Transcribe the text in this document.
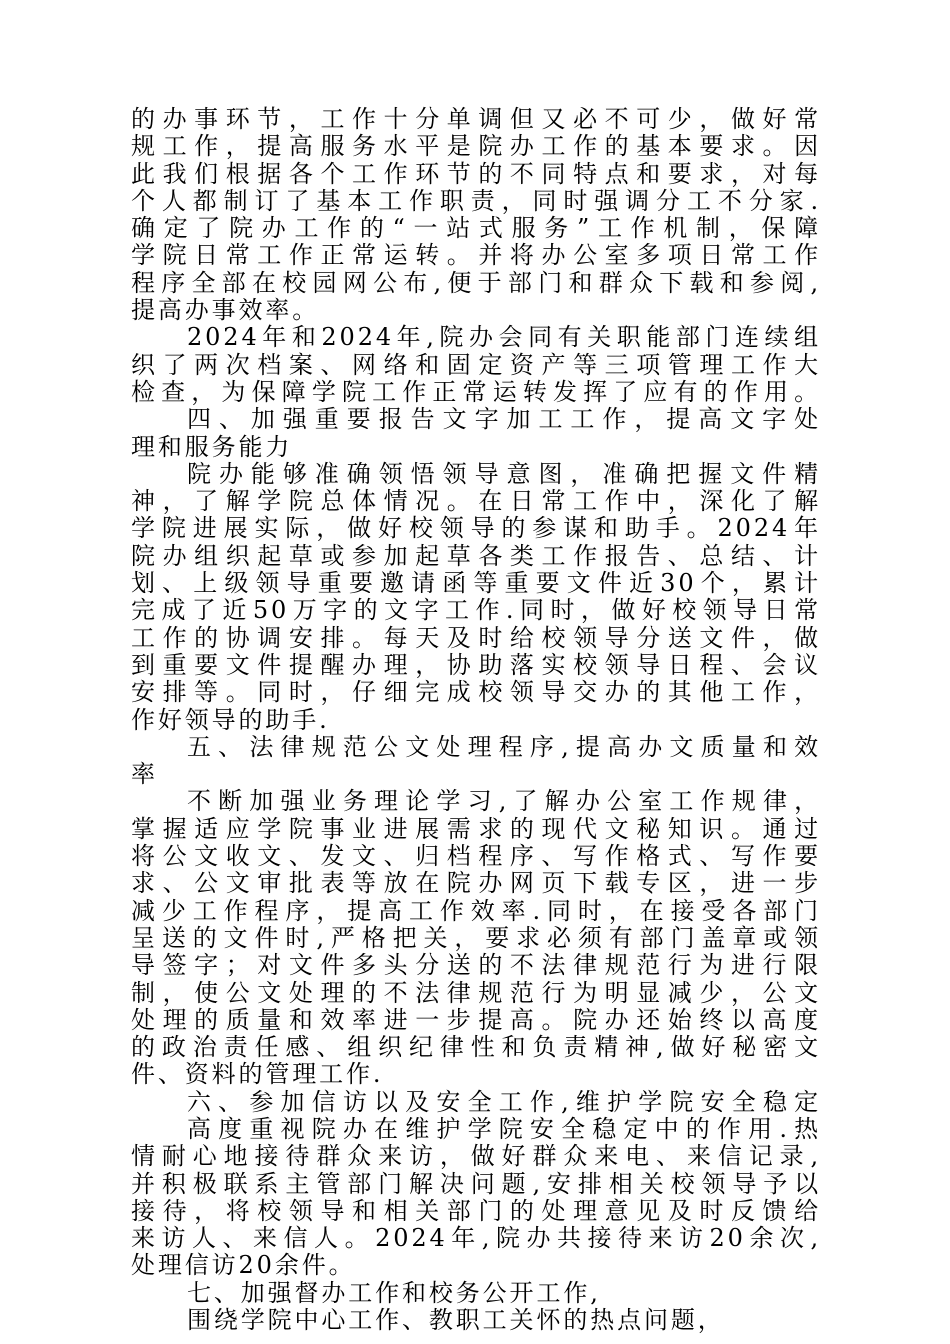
的办事环节，工作十分单调但又必不可少，做好常
规工作，提高服务水平是院办工作的基本要求。因
此我们根据各个工作环节的不同特点和要求，对每
个人都制订了基本工作职责，同时强调分工不分家.
确定了院办工作的“一站式服务”工作机制，保障
学院日常工作正常运转。并将办公室多项日常工作
程序全部在校园网公布,便于部门和群众下载和参阅,
提高办事效率。
2024年和2024年,院办会同有关职能部门连续组
织了两次档案、网络和固定资产等三项管理工作大
检查，为保障学院工作正常运转发挥了应有的作用。
四、加强重要报告文字加工工作，提高文字处
理和服务能力
院办能够准确领悟领导意图，准确把握文件精
神，了解学院总体情况。在日常工作中，深化了解
学院进展实际，做好校领导的参谋和助手。2024年
院办组织起草或参加起草各类工作报告、总结、计
划、上级领导重要邀请函等重要文件近30个，累计
完成了近50万字的文字工作.同时，做好校领导日常
工作的协调安排。每天及时给校领导分送文件，做
到重要文件提醒办理，协助落实校领导日程、会议
安排等。同时，仔细完成校领导交办的其他工作，
作好领导的助手.
五、法律规范公文处理程序,提高办文质量和效
率
不断加强业务理论学习,了解办公室工作规律，
掌握适应学院事业进展需求的现代文秘知识。通过
将公文收文、发文、归档程序、写作格式、写作要
求、公文审批表等放在院办网页下载专区，进一步
减少工作程序，提高工作效率.同时，在接受各部门
呈送的文件时,严格把关，要求必须有部门盖章或领
导签字；对文件多头分送的不法律规范行为进行限
制，使公文处理的不法律规范行为明显减少，公文
处理的质量和效率进一步提高。院办还始终以高度
的政治责任感、组织纪律性和负责精神,做好秘密文
件、资料的管理工作.
六、参加信访以及安全工作,维护学院安全稳定
高度重视院办在维护学院安全稳定中的作用.热
情耐心地接待群众来访，做好群众来电、来信记录,
并积极联系主管部门解决问题,安排相关校领导予以
接待，将校领导和相关部门的处理意见及时反馈给
来访人、来信人。2024年,院办共接待来访20余次,
处理信访20余件。
七、加强督办工作和校务公开工作,
围绕学院中心工作、教职工关怀的热点问题，
